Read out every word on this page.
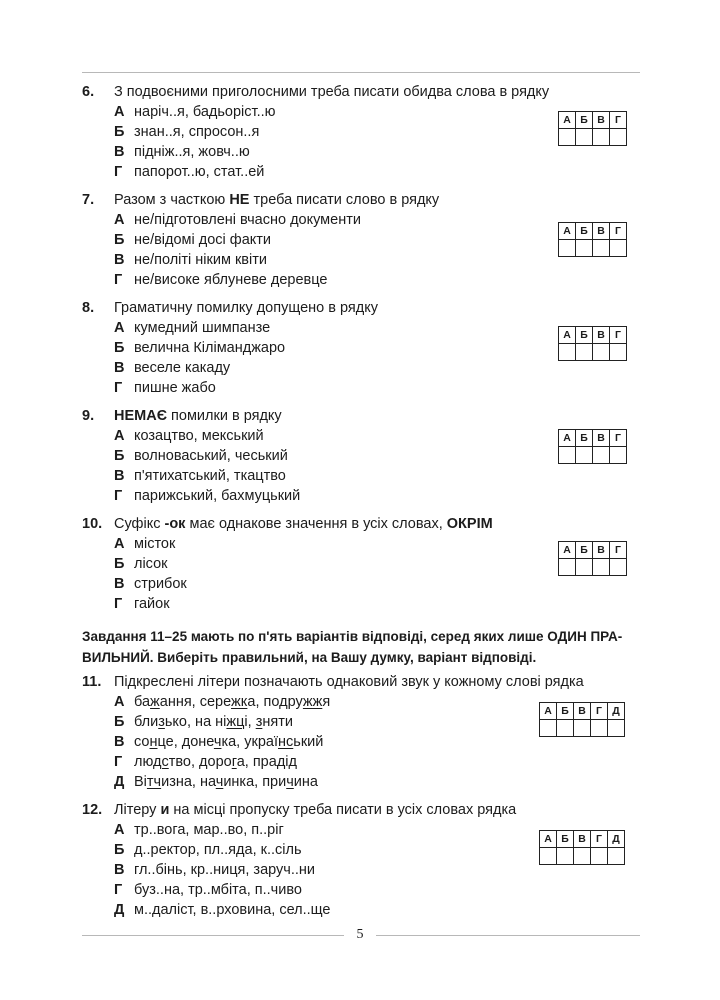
6. З подвоєними приголосними треба писати обидва слова в рядку
А наріч..я, бадьоріст..ю
Б знан..я, спросон..я
В підніж..я, жовч..ю
Г папорот..ю, стат..ей
А	Б	В	Г

7. Разом з часткою НЕ треба писати слово в рядку
А не/підготовлені вчасно документи
Б не/відомі досі факти
В не/політі ніким квіти
Г не/високе яблуневе деревце
А	Б	В	Г

8. Граматичну помилку допущено в рядку
А кумедний шимпанзе
Б велична Кіліманджаро
В веселе какаду
Г пишне жабо
А	Б	В	Г

9. НЕМАЄ помилки в рядку
А козацтво, мекський
Б волноваський, чеський
В п'ятихатський, ткацтво
Г парижський, бахмуцький
А	Б	В	Г

10. Суфікс -ок має однакове значення в усіх словах, ОКРІМ
А місток
Б лісок
В стрибок
Г гайок
А	Б	В	Г

Завдання 11–25 мають по п'ять варіантів відповіді, серед яких лише ОДИН ПРА-
ВИЛЬНИЙ. Виберіть правильний, на Вашу думку, варіант відповіді.
11. Підкреслені літери позначають однаковий звук у кожному слові рядка
А бажання, сережка, подружжя
Б близько, на ніжці, зняти
В сонце, донечка, український
Г людство, дорога, прадід
Д Вітчизна, начинка, причина
А	Б	В	Г	Д

12. Літеру и на місці пропуску треба писати в усіх словах рядка
А тр..вога, мар..во, п..ріг
Б д..ректор, пл..яда, к..сіль
В гл..бінь, кр..ниця, заруч..ни
Г буз..на, тр..мбіта, п..чиво
Д м..даліст, в..рховина, сел..ще
А	Б	В	Г	Д

5
